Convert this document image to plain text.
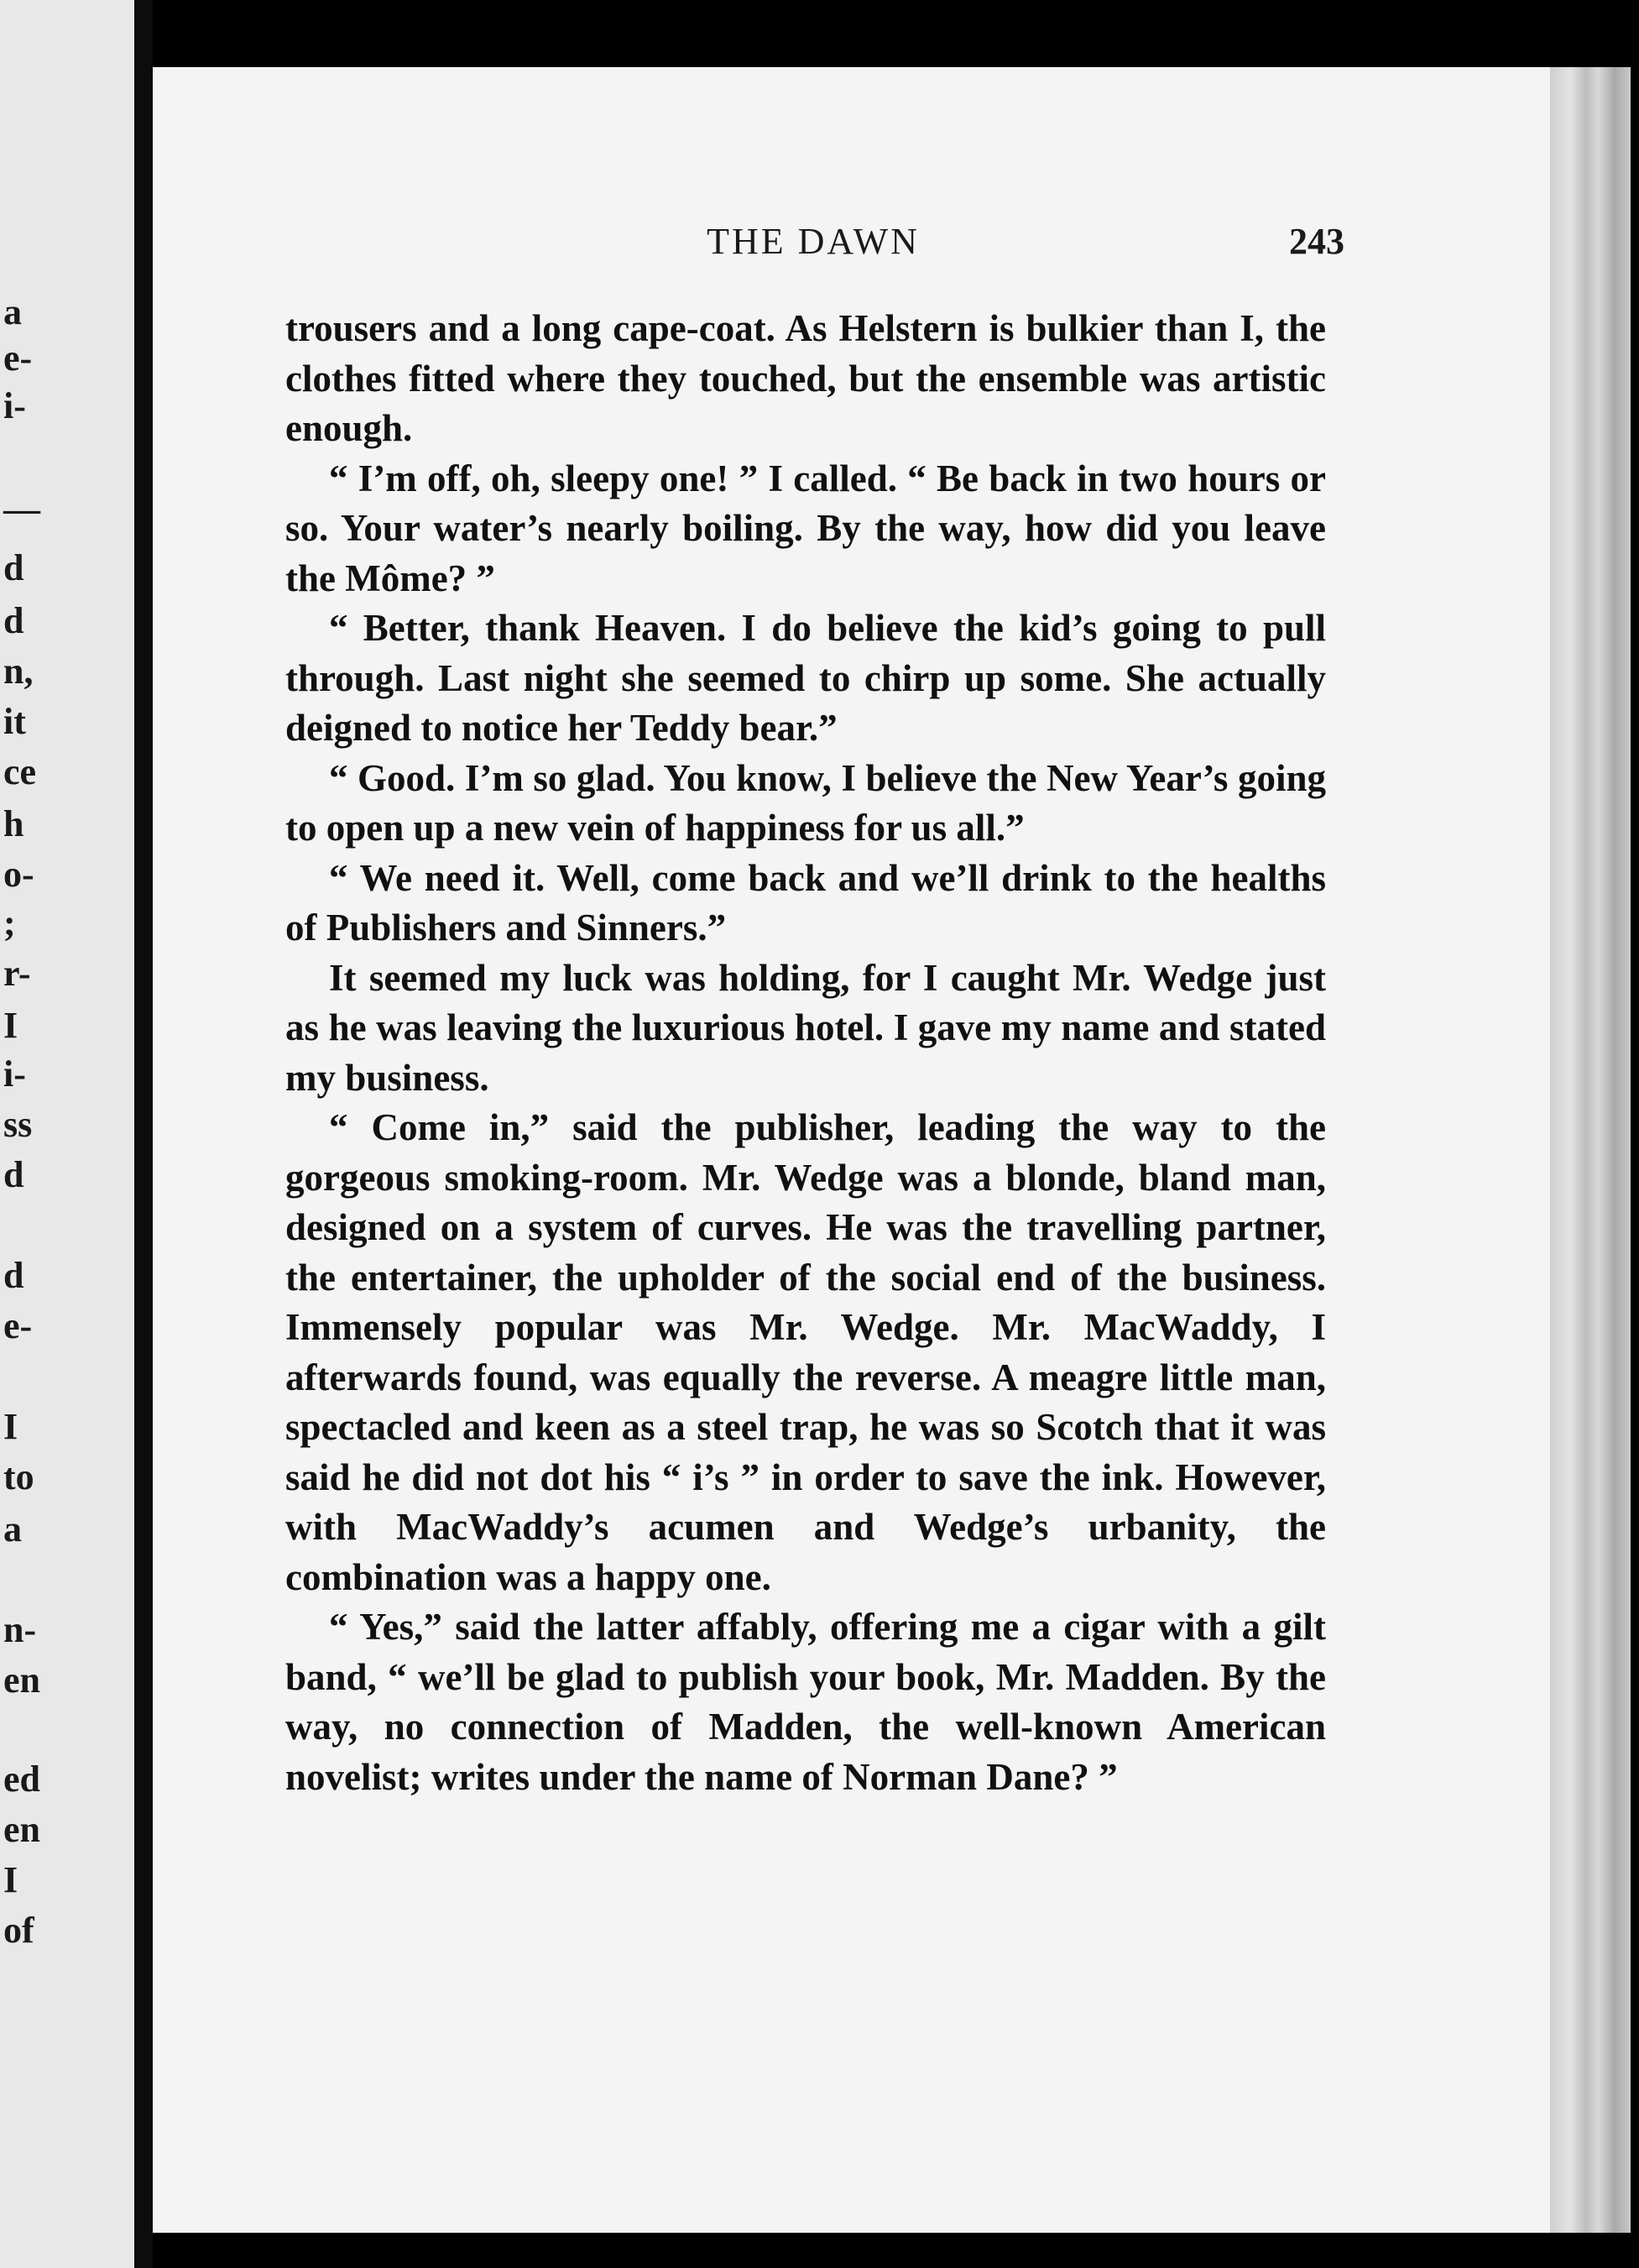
a
e-
i-
—
d
d
n,
it
ce
h
o-
;
r-
I
i-
ss
d
d
e-
I
to
a
n-
en
ed
en
I
of
THE DAWN	243

trousers and a long cape-coat. As Helstern is bulkier than I, the clothes fitted where they touched, but the ensemble was artistic enough.

“ I’m off, oh, sleepy one! ” I called. “ Be back in two hours or so. Your water’s nearly boiling. By the way, how did you leave the Môme? ”

“ Better, thank Heaven. I do believe the kid’s going to pull through. Last night she seemed to chirp up some. She actually deigned to notice her Teddy bear.”

“ Good. I’m so glad. You know, I believe the New Year’s going to open up a new vein of happiness for us all.”

“ We need it. Well, come back and we’ll drink to the healths of Publishers and Sinners.”

It seemed my luck was holding, for I caught Mr. Wedge just as he was leaving the luxurious hotel. I gave my name and stated my business.

“ Come in,” said the publisher, leading the way to the gorgeous smoking-room. Mr. Wedge was a blonde, bland man, designed on a system of curves. He was the travelling partner, the entertainer, the upholder of the social end of the business. Immensely popular was Mr. Wedge. Mr. MacWaddy, I afterwards found, was equally the reverse. A meagre little man, spectacled and keen as a steel trap, he was so Scotch that it was said he did not dot his “ i’s ” in order to save the ink. However, with MacWaddy’s acumen and Wedge’s urbanity, the combination was a happy one.

“ Yes,” said the latter affably, offering me a cigar with a gilt band, “ we’ll be glad to publish your book, Mr. Madden. By the way, no connection of Madden, the well-known American novelist; writes under the name of Norman Dane? ”
